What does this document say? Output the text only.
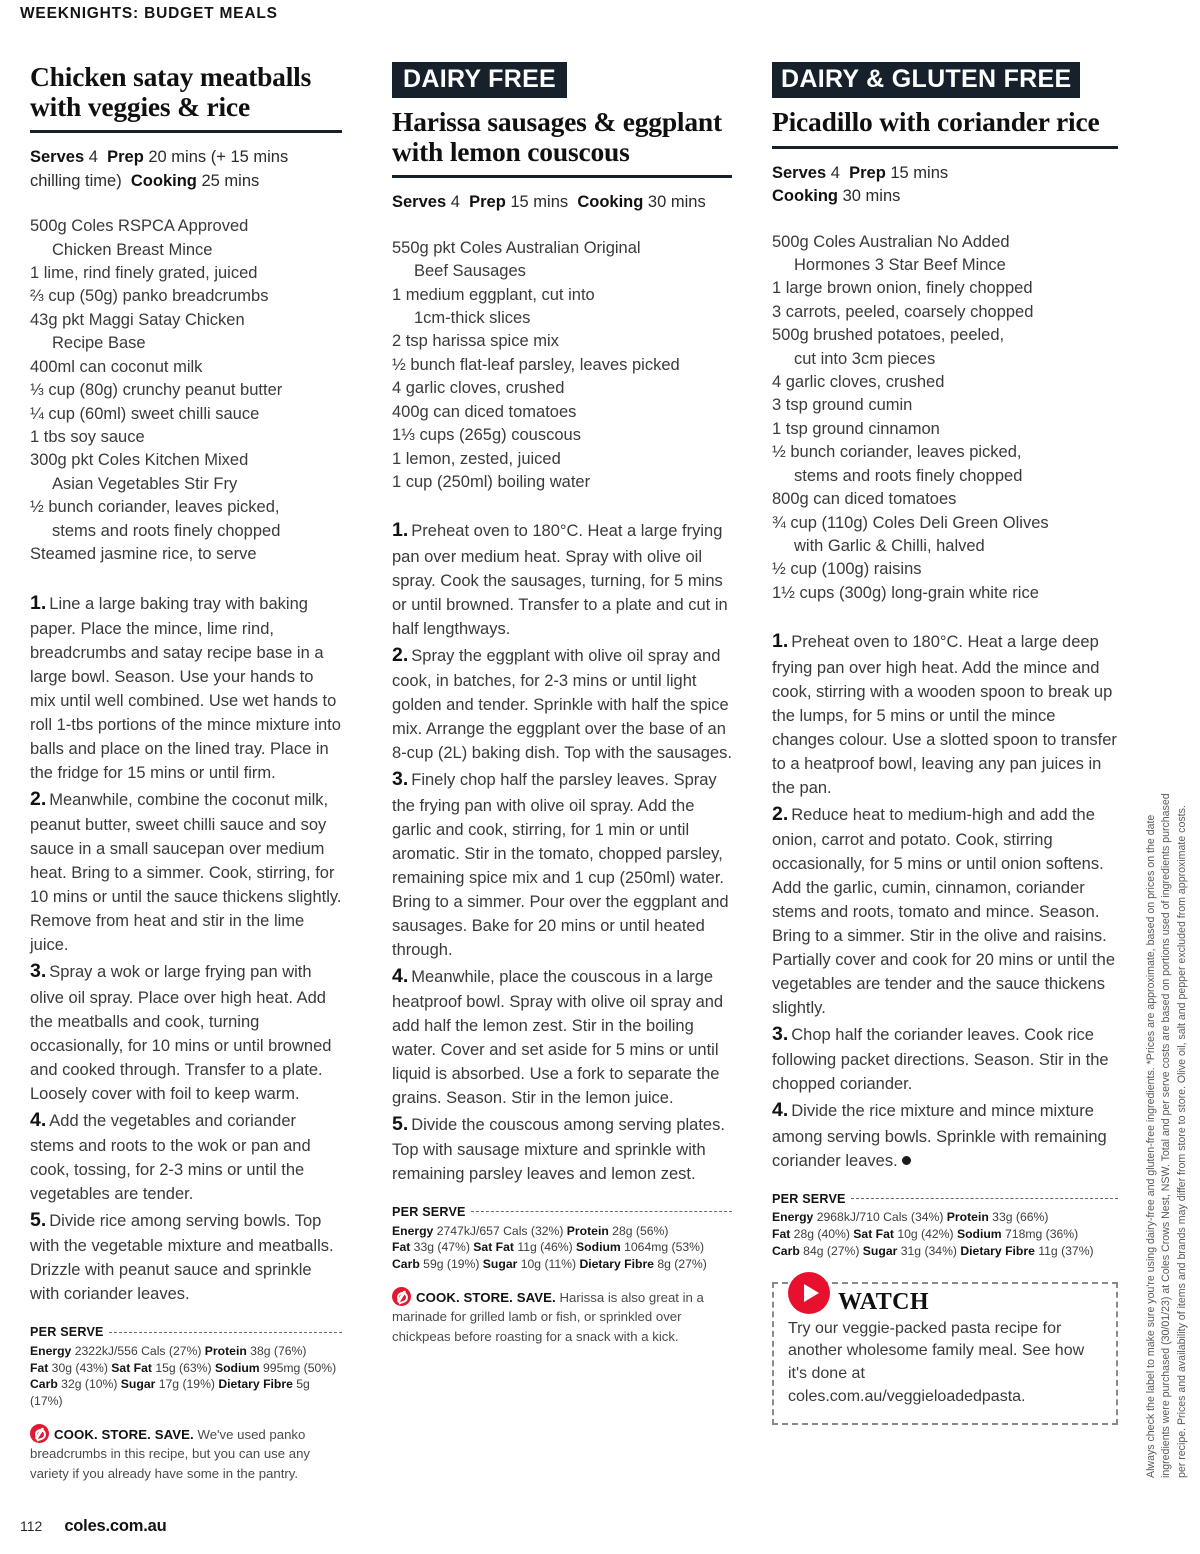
WEEKNIGHTS: BUDGET MEALS
Chicken satay meatballs with veggies & rice
Serves 4 Prep 20 mins (+ 15 mins chilling time) Cooking 25 mins
500g Coles RSPCA Approved
Chicken Breast Mince
1 lime, rind finely grated, juiced
⅔ cup (50g) panko breadcrumbs
43g pkt Maggi Satay Chicken
Recipe Base
400ml can coconut milk
⅓ cup (80g) crunchy peanut butter
¼ cup (60ml) sweet chilli sauce
1 tbs soy sauce
300g pkt Coles Kitchen Mixed
Asian Vegetables Stir Fry
½ bunch coriander, leaves picked,
stems and roots finely chopped
Steamed jasmine rice, to serve
1. Line a large baking tray with baking paper. Place the mince, lime rind, breadcrumbs and satay recipe base in a large bowl. Season. Use your hands to mix until well combined. Use wet hands to roll 1-tbs portions of the mince mixture into balls and place on the lined tray. Place in the fridge for 15 mins or until firm.
2. Meanwhile, combine the coconut milk, peanut butter, sweet chilli sauce and soy sauce in a small saucepan over medium heat. Bring to a simmer. Cook, stirring, for 10 mins or until the sauce thickens slightly. Remove from heat and stir in the lime juice.
3. Spray a wok or large frying pan with olive oil spray. Place over high heat. Add the meatballs and cook, turning occasionally, for 10 mins or until browned and cooked through. Transfer to a plate. Loosely cover with foil to keep warm.
4. Add the vegetables and coriander stems and roots to the wok or pan and cook, tossing, for 2-3 mins or until the vegetables are tender.
5. Divide rice among serving bowls. Top with the vegetable mixture and meatballs. Drizzle with peanut sauce and sprinkle with coriander leaves.
PER SERVE
Energy 2322kJ/556 Cals (27%) Protein 38g (76%)
Fat 30g (43%) Sat Fat 15g (63%) Sodium 995mg (50%)
Carb 32g (10%) Sugar 17g (19%) Dietary Fibre 5g (17%)
COOK. STORE. SAVE. We've used panko breadcrumbs in this recipe, but you can use any variety if you already have some in the pantry.
DAIRY FREE
Harissa sausages & eggplant with lemon couscous
Serves 4 Prep 15 mins Cooking 30 mins
550g pkt Coles Australian Original
Beef Sausages
1 medium eggplant, cut into
1cm-thick slices
2 tsp harissa spice mix
½ bunch flat-leaf parsley, leaves picked
4 garlic cloves, crushed
400g can diced tomatoes
1⅓ cups (265g) couscous
1 lemon, zested, juiced
1 cup (250ml) boiling water
1. Preheat oven to 180°C. Heat a large frying pan over medium heat. Spray with olive oil spray. Cook the sausages, turning, for 5 mins or until browned. Transfer to a plate and cut in half lengthways.
2. Spray the eggplant with olive oil spray and cook, in batches, for 2-3 mins or until light golden and tender. Sprinkle with half the spice mix. Arrange the eggplant over the base of an 8-cup (2L) baking dish. Top with the sausages.
3. Finely chop half the parsley leaves. Spray the frying pan with olive oil spray. Add the garlic and cook, stirring, for 1 min or until aromatic. Stir in the tomato, chopped parsley, remaining spice mix and 1 cup (250ml) water. Bring to a simmer. Pour over the eggplant and sausages. Bake for 20 mins or until heated through.
4. Meanwhile, place the couscous in a large heatproof bowl. Spray with olive oil spray and add half the lemon zest. Stir in the boiling water. Cover and set aside for 5 mins or until liquid is absorbed. Use a fork to separate the grains. Season. Stir in the lemon juice.
5. Divide the couscous among serving plates. Top with sausage mixture and sprinkle with remaining parsley leaves and lemon zest.
PER SERVE
Energy 2747kJ/657 Cals (32%) Protein 28g (56%)
Fat 33g (47%) Sat Fat 11g (46%) Sodium 1064mg (53%)
Carb 59g (19%) Sugar 10g (11%) Dietary Fibre 8g (27%)
COOK. STORE. SAVE. Harissa is also great in a marinade for grilled lamb or fish, or sprinkled over chickpeas before roasting for a snack with a kick.
DAIRY & GLUTEN FREE
Picadillo with coriander rice
Serves 4 Prep 15 mins
Cooking 30 mins
500g Coles Australian No Added
Hormones 3 Star Beef Mince
1 large brown onion, finely chopped
3 carrots, peeled, coarsely chopped
500g brushed potatoes, peeled,
cut into 3cm pieces
4 garlic cloves, crushed
3 tsp ground cumin
1 tsp ground cinnamon
½ bunch coriander, leaves picked,
stems and roots finely chopped
800g can diced tomatoes
¾ cup (110g) Coles Deli Green Olives
with Garlic & Chilli, halved
½ cup (100g) raisins
1½ cups (300g) long-grain white rice
1. Preheat oven to 180°C. Heat a large deep frying pan over high heat. Add the mince and cook, stirring with a wooden spoon to break up the lumps, for 5 mins or until the mince changes colour. Use a slotted spoon to transfer to a heatproof bowl, leaving any pan juices in the pan.
2. Reduce heat to medium-high and add the onion, carrot and potato. Cook, stirring occasionally, for 5 mins or until onion softens. Add the garlic, cumin, cinnamon, coriander stems and roots, tomato and mince. Season. Bring to a simmer. Stir in the olive and raisins. Partially cover and cook for 20 mins or until the vegetables are tender and the sauce thickens slightly.
3. Chop half the coriander leaves. Cook rice following packet directions. Season. Stir in the chopped coriander.
4. Divide the rice mixture and mince mixture among serving bowls. Sprinkle with remaining coriander leaves.
PER SERVE
Energy 2968kJ/710 Cals (34%) Protein 33g (66%)
Fat 28g (40%) Sat Fat 10g (42%) Sodium 718mg (36%)
Carb 84g (27%) Sugar 31g (34%) Dietary Fibre 11g (37%)
WATCH
Try our veggie-packed pasta recipe for another wholesome family meal. See how it's done at coles.com.au/veggieloadedpasta.	Always check the label to make sure you're using dairy-free and gluten-free ingredients. *Prices are approximate, based on prices on the date ingredients were purchased (30/01/23) at Coles Crows Nest, NSW. Total and per serve costs are based on portions used of ingredients purchased per recipe. Prices and availability of items and brands may differ from store to store. Olive oil, salt and pepper excluded from approximate costs.
112 coles.com.au
